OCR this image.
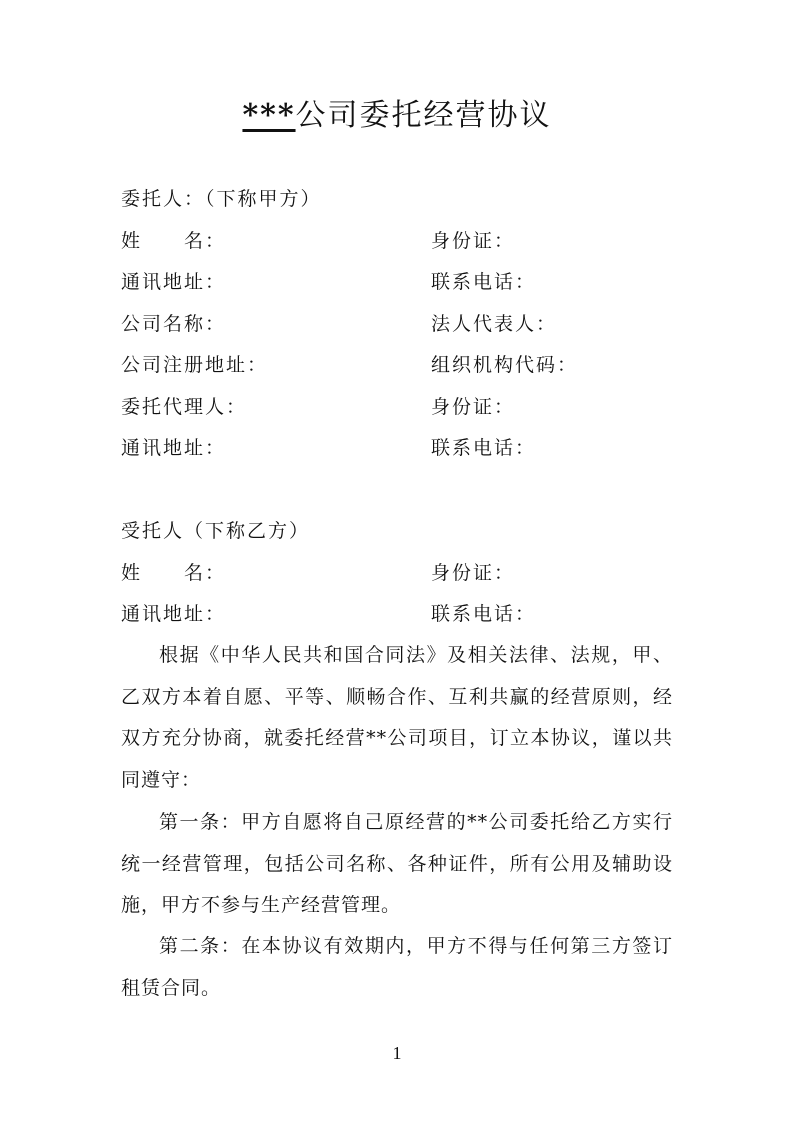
***公司委托经营协议
委托人：（下称甲方）
姓　　名：	身份证：
通讯地址：	联系电话：
公司名称：	法人代表人：
公司注册地址：	组织机构代码：
委托代理人：	身份证：
通讯地址：	联系电话：
受托人（下称乙方）
姓　　名：	身份证：
通讯地址：	联系电话：
根据《中华人民共和国合同法》及相关法律、法规，甲、乙双方本着自愿、平等、顺畅合作、互利共赢的经营原则，经双方充分协商，就委托经营**公司项目，订立本协议，谨以共同遵守：
第一条：甲方自愿将自己原经营的**公司委托给乙方实行统一经营管理，包括公司名称、各种证件，所有公用及辅助设施，甲方不参与生产经营管理。
第二条：在本协议有效期内，甲方不得与任何第三方签订租赁合同。
1
